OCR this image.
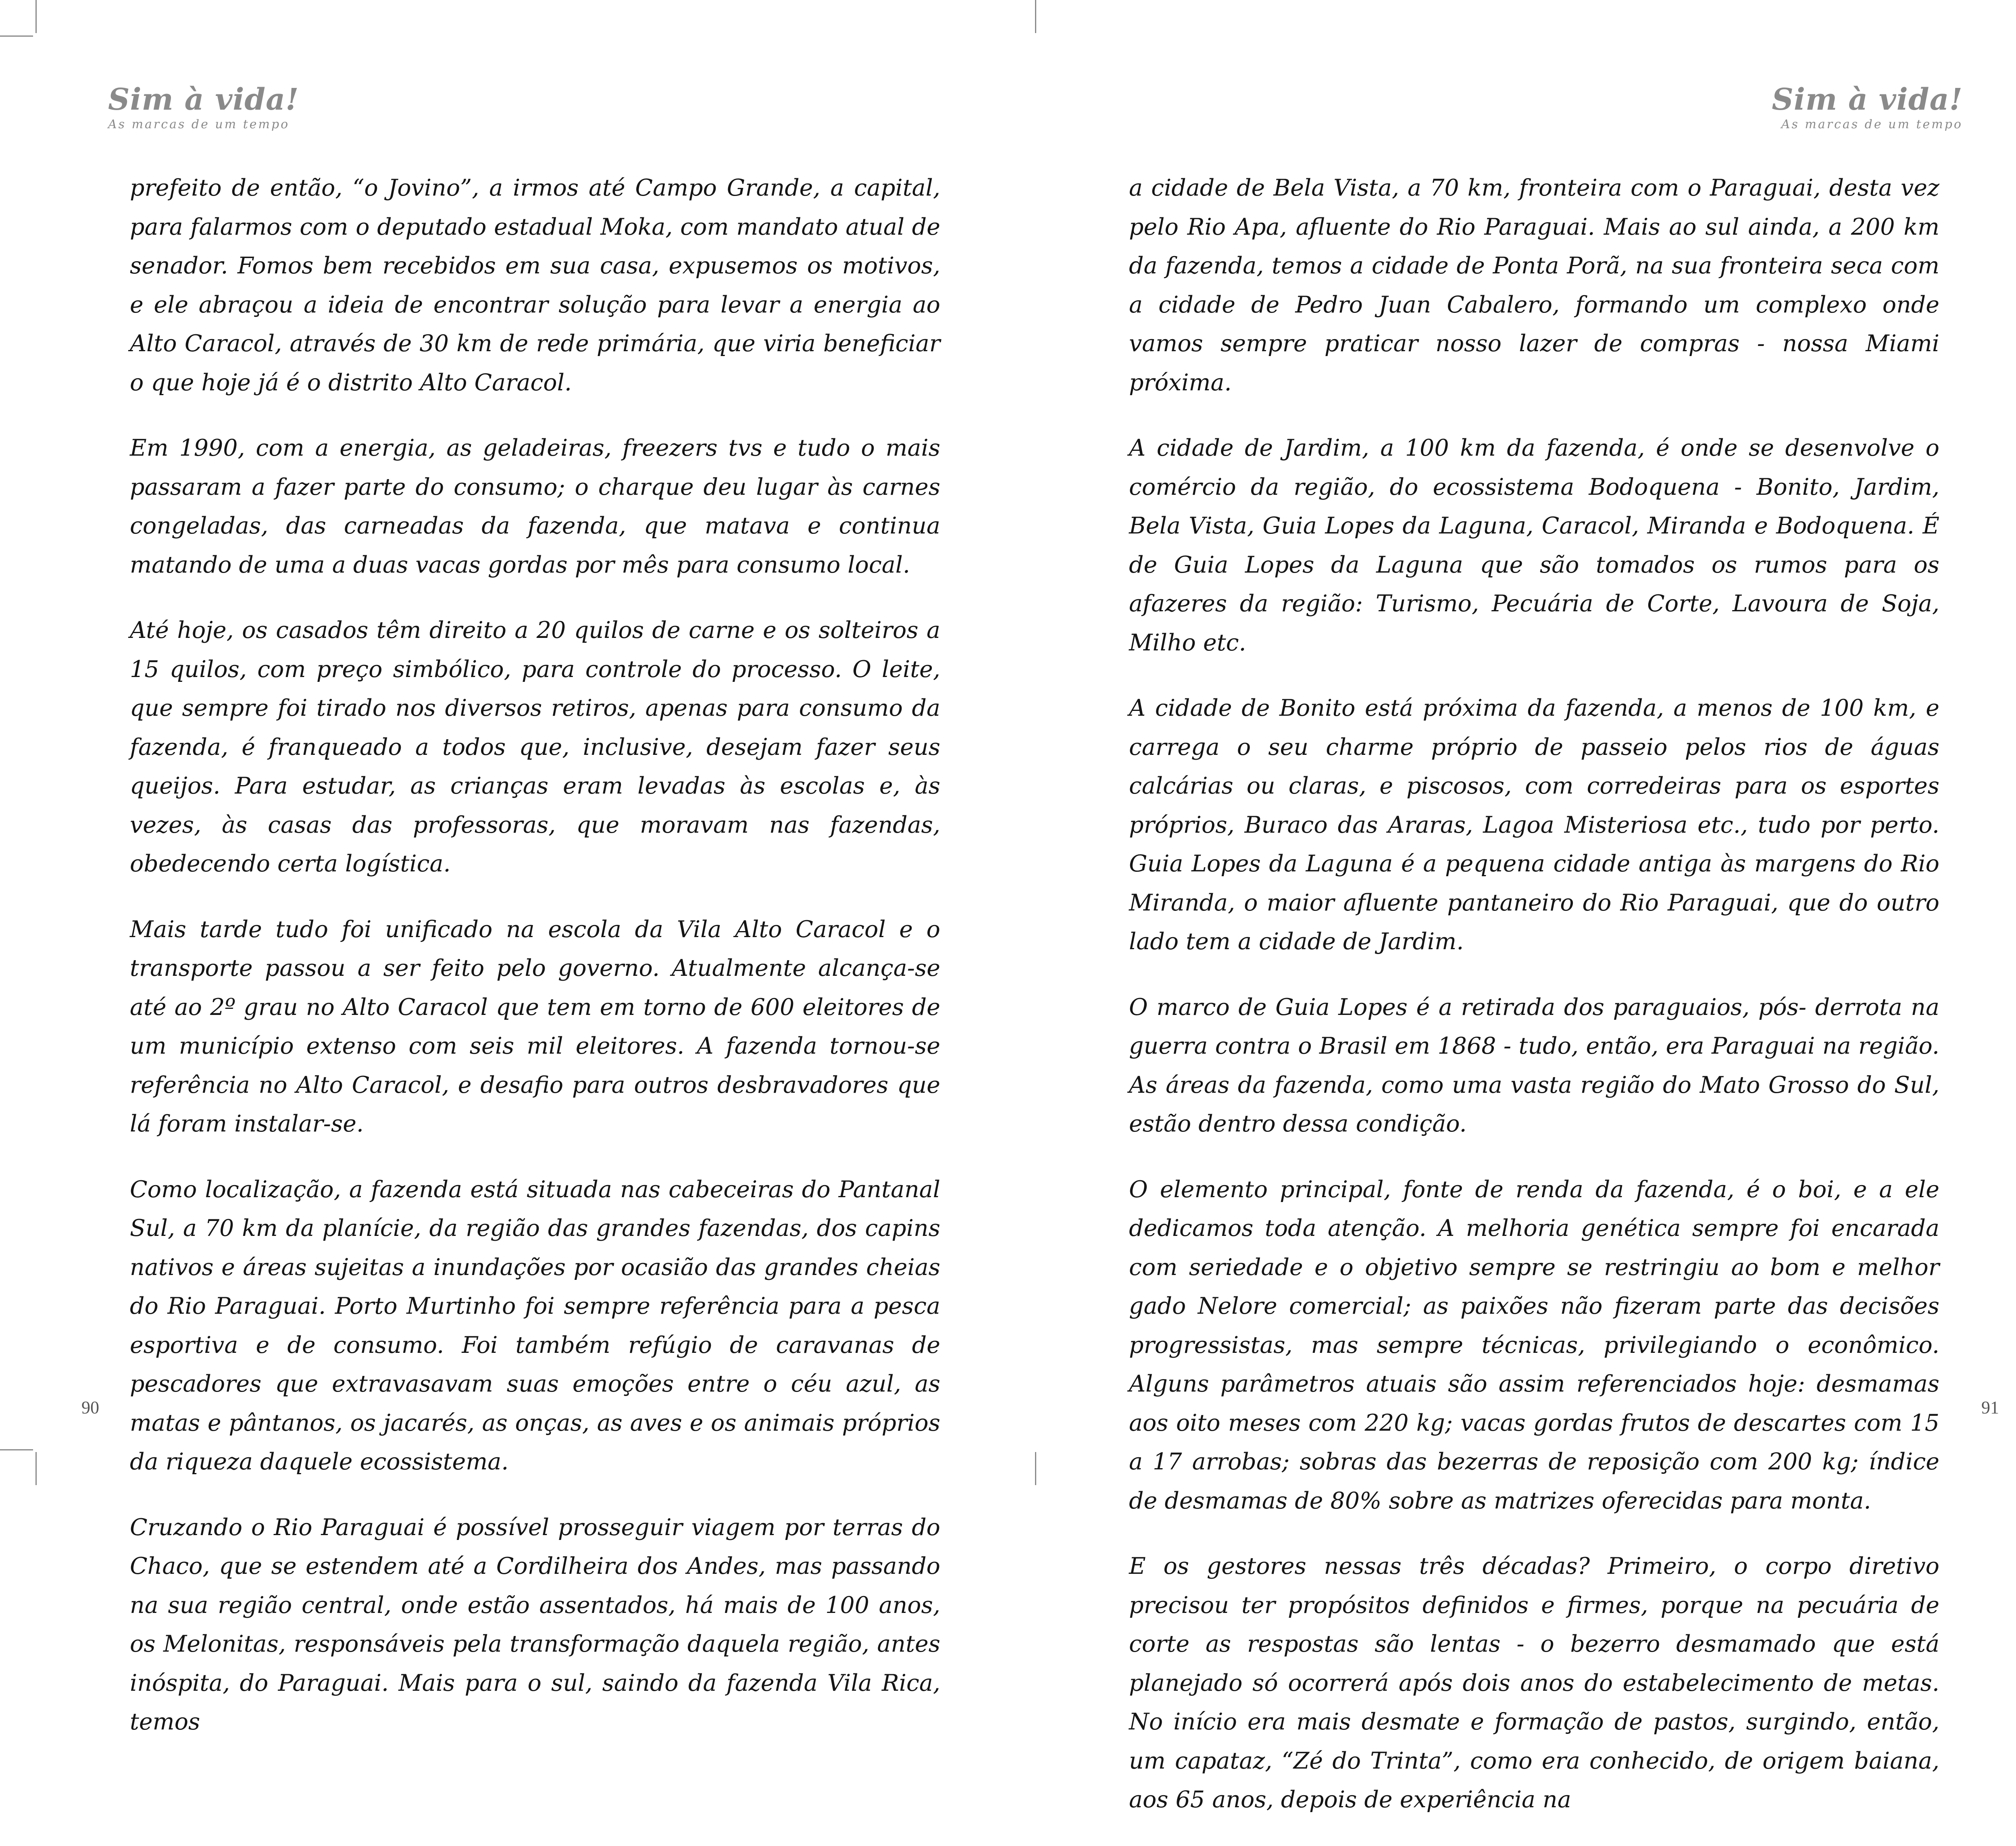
Sim à vida!
As marcas de um tempo

prefeito de então, “o Jovino”, a irmos até Campo Grande, a capital, para falarmos com o deputado estadual Moka, com mandato atual de senador. Fomos bem recebidos em sua casa, expusemos os motivos, e ele abraçou a ideia de encontrar solução para levar a energia ao Alto Caracol, através de 30 km de rede primária, que viria beneficiar o que hoje já é o distrito Alto Caracol.

Em 1990, com a energia, as geladeiras, freezers tvs e tudo o mais passaram a fazer parte do consumo; o charque deu lugar às carnes congeladas, das carneadas da fazenda, que matava e continua matando de uma a duas vacas gordas por mês para consumo local.

Até hoje, os casados têm direito a 20 quilos de carne e os solteiros a 15 quilos, com preço simbólico, para controle do processo. O leite, que sempre foi tirado nos diversos retiros, apenas para consumo da fazenda, é franqueado a todos que, inclusive, desejam fazer seus queijos. Para estudar, as crianças eram levadas às escolas e, às vezes, às casas das professoras, que moravam nas fazendas, obedecendo certa logística.

Mais tarde tudo foi unificado na escola da Vila Alto Caracol e o transporte passou a ser feito pelo governo. Atualmente alcança-se até ao 2º grau no Alto Caracol que tem em torno de 600 eleitores de um município extenso com seis mil eleitores. A fazenda tornou-se referência no Alto Caracol, e desafio para outros desbravadores que lá foram instalar-se.

Como localização, a fazenda está situada nas cabeceiras do Pantanal Sul, a 70 km da planície, da região das grandes fazendas, dos capins nativos e áreas sujeitas a inundações por ocasião das grandes cheias do Rio Paraguai. Porto Murtinho foi sempre referência para a pesca esportiva e de consumo. Foi também refúgio de caravanas de pescadores que extravasavam suas emoções entre o céu azul, as matas e pântanos, os jacarés, as onças, as aves e os animais próprios da riqueza daquele ecossistema.

Cruzando o Rio Paraguai é possível prosseguir viagem por terras do Chaco, que se estendem até a Cordilheira dos Andes, mas passando na sua região central, onde estão assentados, há mais de 100 anos, os Melonitas, responsáveis pela transformação daquela região, antes inóspita, do Paraguai. Mais para o sul, saindo da fazenda Vila Rica, temos

90
Sim à vida!
As marcas de um tempo

a cidade de Bela Vista, a 70 km, fronteira com o Paraguai, desta vez pelo Rio Apa, afluente do Rio Paraguai. Mais ao sul ainda, a 200 km da fazenda, temos a cidade de Ponta Porã, na sua fronteira seca com a cidade de Pedro Juan Cabalero, formando um complexo onde vamos sempre praticar nosso lazer de compras - nossa Miami próxima.

A cidade de Jardim, a 100 km da fazenda, é onde se desenvolve o comércio da região, do ecossistema Bodoquena - Bonito, Jardim, Bela Vista, Guia Lopes da Laguna, Caracol, Miranda e Bodoquena. É de Guia Lopes da Laguna que são tomados os rumos para os afazeres da região: Turismo, Pecuária de Corte, Lavoura de Soja, Milho etc.

A cidade de Bonito está próxima da fazenda, a menos de 100 km, e carrega o seu charme próprio de passeio pelos rios de águas calcárias ou claras, e piscosos, com corredeiras para os esportes próprios, Buraco das Araras, Lagoa Misteriosa etc., tudo por perto. Guia Lopes da Laguna é a pequena cidade antiga às margens do Rio Miranda, o maior afluente pantaneiro do Rio Paraguai, que do outro lado tem a cidade de Jardim.

O marco de Guia Lopes é a retirada dos paraguaios, pós- derrota na guerra contra o Brasil em 1868 - tudo, então, era Paraguai na região. As áreas da fazenda, como uma vasta região do Mato Grosso do Sul, estão dentro dessa condição.

O elemento principal, fonte de renda da fazenda, é o boi, e a ele dedicamos toda atenção. A melhoria genética sempre foi encarada com seriedade e o objetivo sempre se restringiu ao bom e melhor gado Nelore comercial; as paixões não fizeram parte das decisões progressistas, mas sempre técnicas, privilegiando o econômico. Alguns parâmetros atuais são assim referenciados hoje: desmamas aos oito meses com 220 kg; vacas gordas frutos de descartes com 15 a 17 arrobas; sobras das bezerras de reposição com 200 kg; índice de desmamas de 80% sobre as matrizes oferecidas para monta.

E os gestores nessas três décadas? Primeiro, o corpo diretivo precisou ter propósitos definidos e firmes, porque na pecuária de corte as respostas são lentas - o bezerro desmamado que está planejado só ocorrerá após dois anos do estabelecimento de metas. No início era mais desmate e formação de pastos, surgindo, então, um capataz, “Zé do Trinta”, como era conhecido, de origem baiana, aos 65 anos, depois de experiência na

91
